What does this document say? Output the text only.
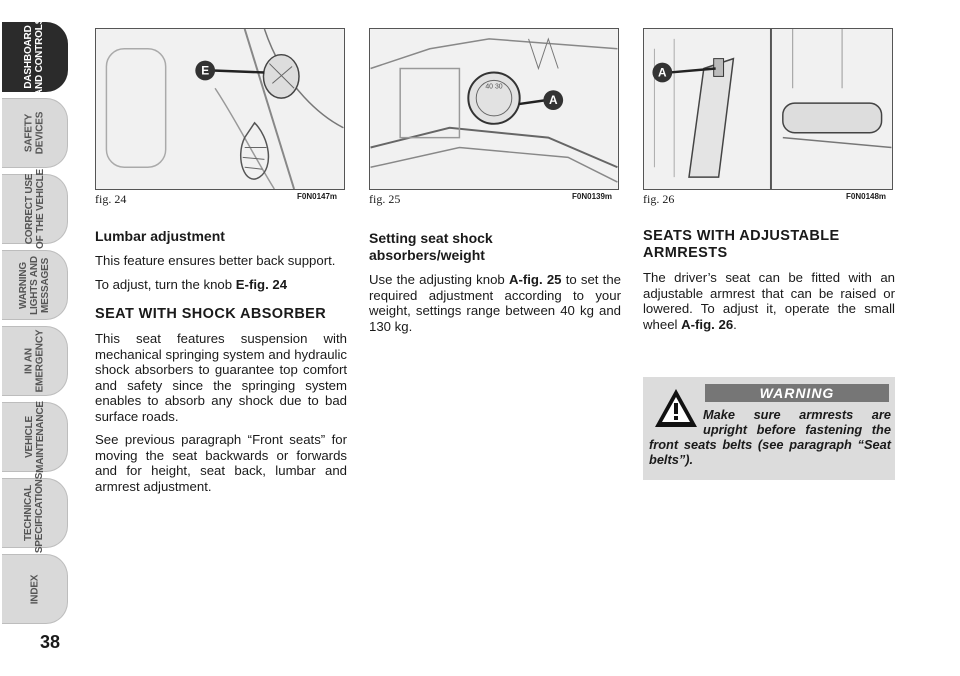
DASHBOARD AND CONTROLS
SAFETY DEVICES
CORRECT USE OF THE VEHICLE
WARNING LIGHTS AND MESSAGES
IN AN EMERGENCY
VEHICLE MAINTENANCE
TECHNICAL SPECIFICATIONS
INDEX
38
E
fig. 24	F0N0147m
40 30
A
fig. 25	F0N0139m
A
fig. 26	F0N0148m
Lumbar adjustment
This feature ensures better back support.
To adjust, turn the knob E-fig. 24
SEAT WITH SHOCK ABSORBER
This seat features suspension with mechanical springing system and hydraulic shock absorbers to guarantee top comfort and safety since the springing system enables to absorb any shock due to bad surface roads.
See previous paragraph “Front seats” for moving the seat backwards or forwards and for height, seat back, lumbar and armrest adjustment.
Setting seat shock
absorbers/weight
Use the adjusting knob A-fig. 25 to set the required adjustment according to your weight, settings range between 40 kg and 130 kg.
SEATS WITH ADJUSTABLE
ARMRESTS
The driver’s seat can be fitted with an adjustable armrest that can be raised or lowered. To adjust it, operate the small wheel A-fig. 26.
WARNING
Make sure armrests are upright before fastening the front seats belts (see paragraph “Seat belts”).
